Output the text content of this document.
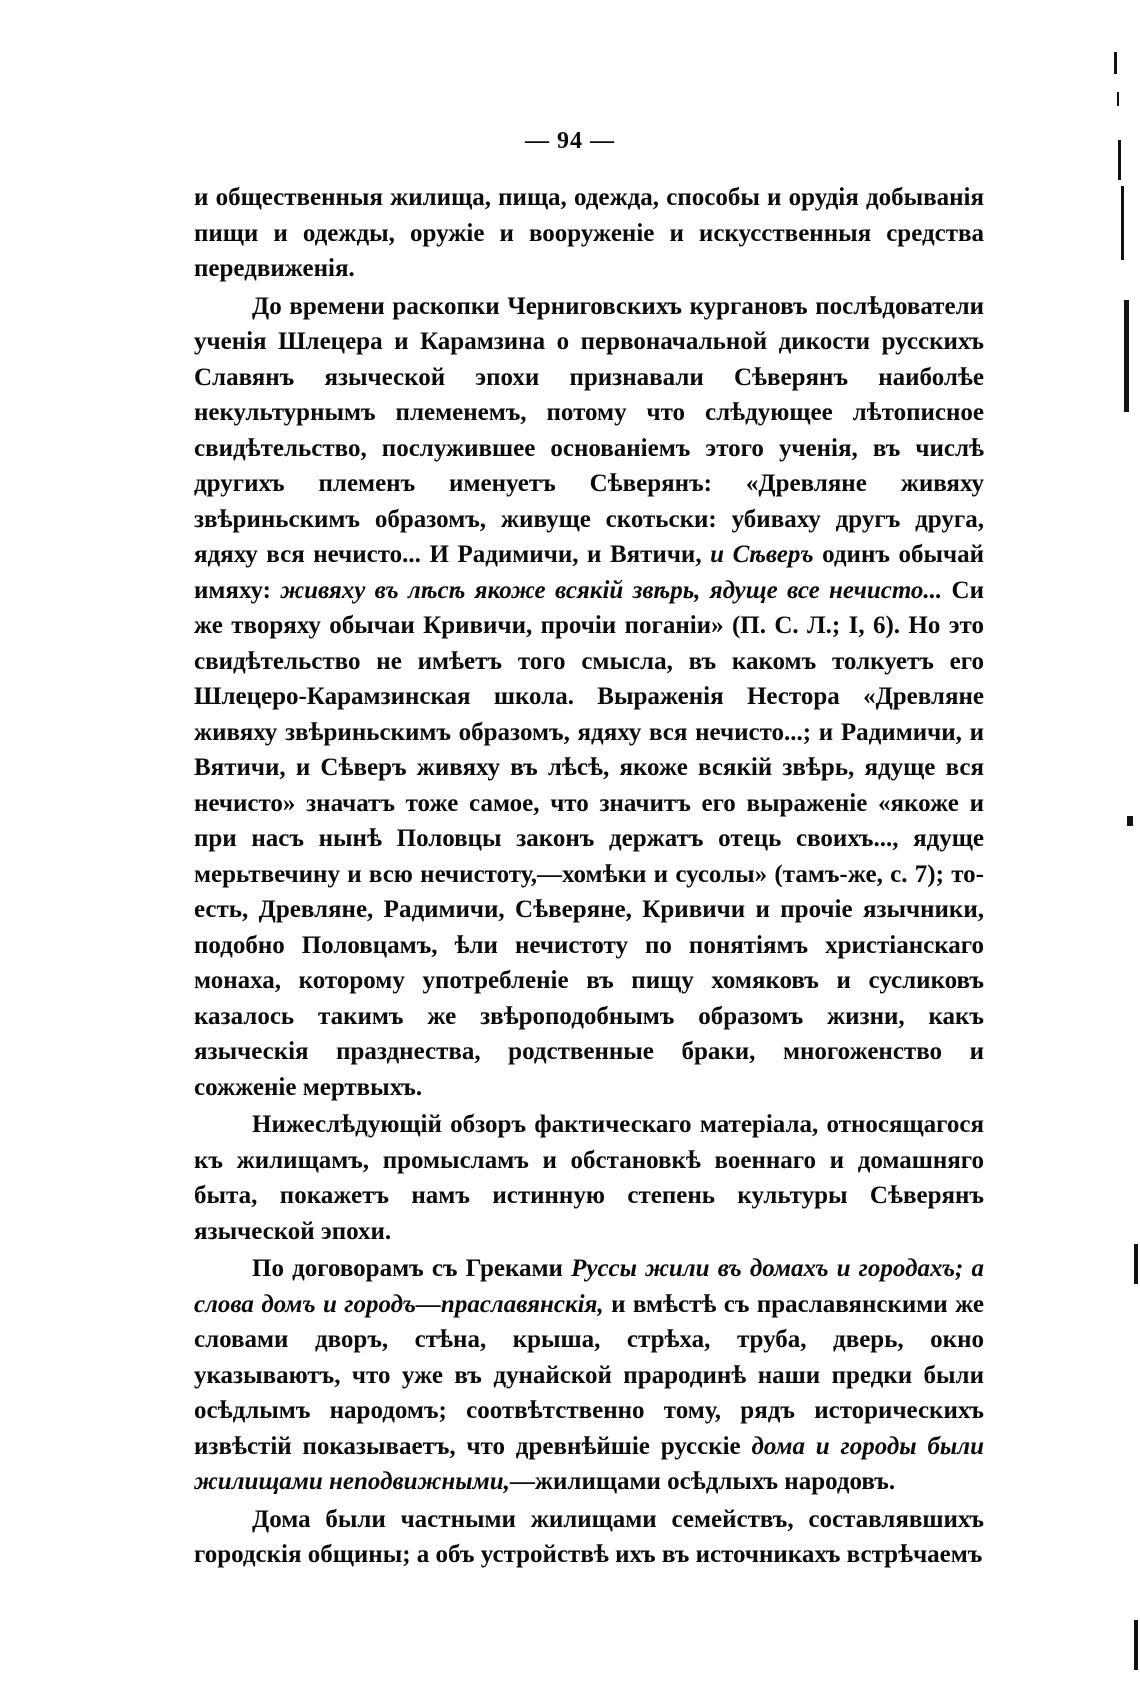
— 94 —

и общественныя жилища, пища, одежда, способы и орудія добыванія пищи и одежды, оружіе и вооруженіе и искусственныя средства передвиженія.

До времени раскопки Черниговскихъ кургановъ послѣдователи ученія Шлецера и Карамзина о первоначальной дикости русскихъ Славянъ языческой эпохи признавали Сѣверянъ наиболѣе некультурнымъ племенемъ, потому что слѣдующее лѣтописное свидѣтельство, послужившее основаніемъ этого ученія, въ числѣ другихъ племенъ именуетъ Сѣверянъ: «Древляне живяху звѣриньскимъ образомъ, живуще скотьски: убиваху другъ друга, ядяху вся нечисто... И Радимичи, и Вятичи, и Сѣверъ одинъ обычай имяху: живяху въ лѣсѣ якоже всякій звѣрь, ядуще все нечисто... Си же творяху обычаи Кривичи, прочіи поганіи» (П. С. Л.; I, 6). Но это свидѣтельство не имѣетъ того смысла, въ какомъ толкуетъ его Шлецеро-Карамзинская школа. Выраженія Нестора «Древляне живяху звѣриньскимъ образомъ, ядяху вся нечисто...; и Радимичи, и Вятичи, и Сѣверъ живяху въ лѣсѣ, якоже всякій звѣрь, ядуще вся нечисто» значатъ тоже самое, что значитъ его выраженіе «якоже и при насъ нынѣ Половцы законъ держатъ отець своихъ..., ядуще мерьтвечину и всю нечистоту,—хомѣки и сусолы» (тамъ-же, с. 7); то-есть, Древляне, Радимичи, Сѣверяне, Кривичи и прочіе язычники, подобно Половцамъ, ѣли нечистоту по понятіямъ христіанскаго монаха, которому употребленіе въ пищу хомяковъ и сусликовъ казалось такимъ же звѣроподобнымъ образомъ жизни, какъ языческія празднества, родственные браки, многоженство и сожженіе мертвыхъ.

Нижеслѣдующій обзоръ фактическаго матеріала, относящагося къ жилищамъ, промысламъ и обстановкѣ военнаго и домашняго быта, покажетъ намъ истинную степень культуры Сѣверянъ языческой эпохи.

По договорамъ съ Греками Руссы жили въ домахъ и городахъ; а слова домъ и городъ—праславянскія, и вмѣстѣ съ праславянскими же словами дворъ, стѣна, крыша, стрѣха, труба, дверь, окно указываютъ, что уже въ дунайской прародинѣ наши предки были осѣдлымъ народомъ; соотвѣтственно тому, рядъ историческихъ извѣстій показываетъ, что древнѣйшіе русскіе дома и городы были жилищами неподвижными,—жилищами осѣдлыхъ народовъ.

Дома были частными жилищами семействъ, составлявшихъ городскія общины; а объ устройствѣ ихъ въ источникахъ встрѣчаемъ
